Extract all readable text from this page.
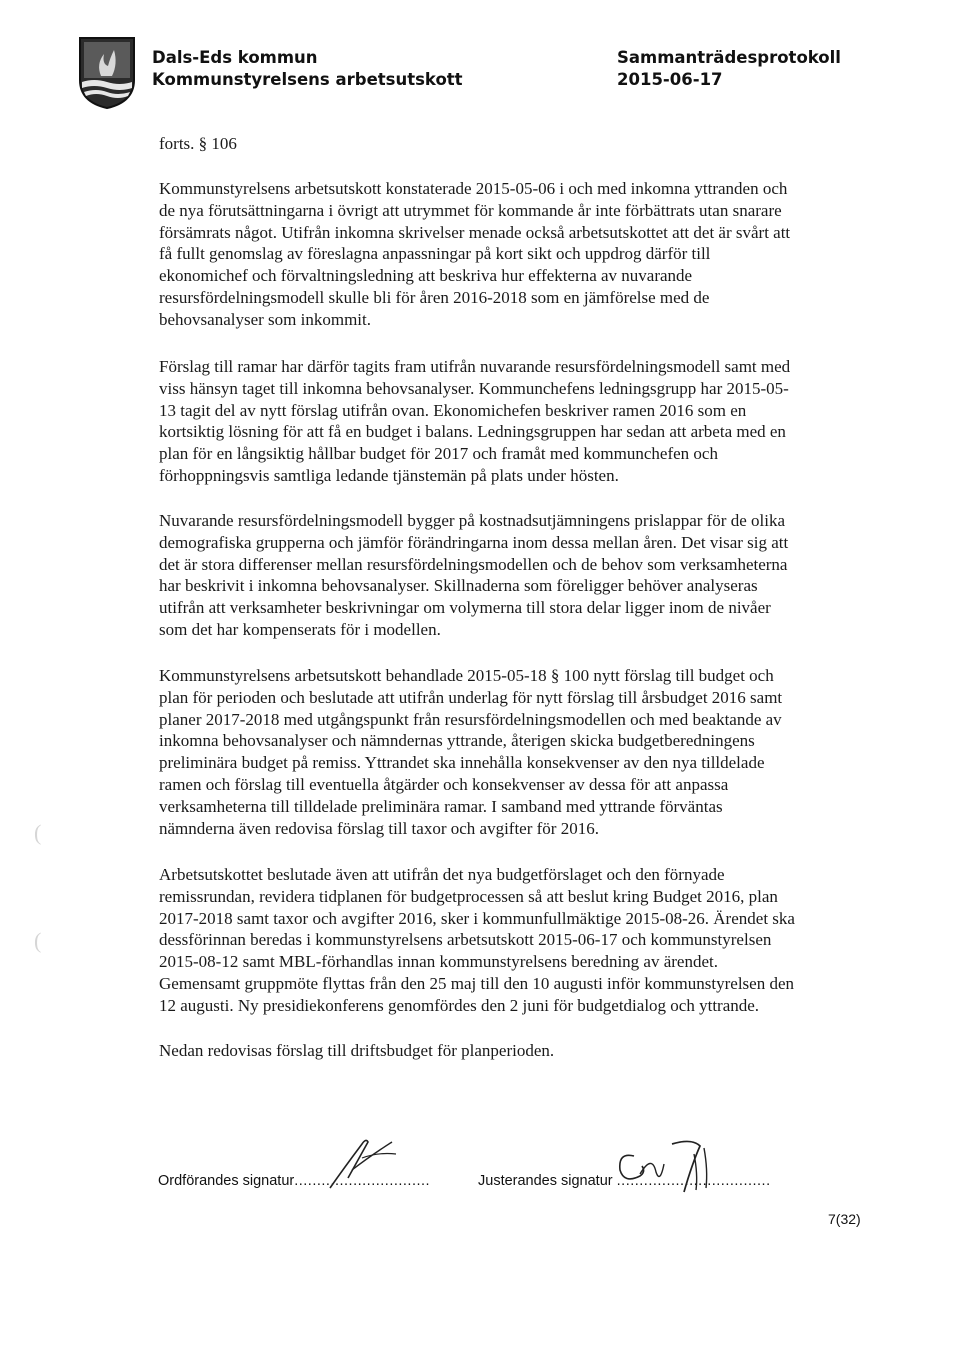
Dals-Eds kommun
Kommunstyrelsens arbetsutskott
Sammanträdesprotokoll
2015-06-17
(
(
forts. § 106
Kommunstyrelsens arbetsutskott konstaterade 2015-05-06 i och med inkomna yttranden och
de nya förutsättningarna i övrigt att utrymmet för kommande år inte förbättrats utan snarare
försämrats något. Utifrån inkomna skrivelser menade också arbetsutskottet att det är svårt att
få fullt genomslag av föreslagna anpassningar på kort sikt och uppdrog därför till
ekonomichef och förvaltningsledning att beskriva hur effekterna av nuvarande
resursfördelningsmodell skulle bli för åren 2016-2018 som en jämförelse med de
behovsanalyser som inkommit.
Förslag till ramar har därför tagits fram utifrån nuvarande resursfördelningsmodell samt med
viss hänsyn taget till inkomna behovsanalyser. Kommunchefens ledningsgrupp har 2015-05-
13 tagit del av nytt förslag utifrån ovan. Ekonomichefen beskriver ramen 2016 som en
kortsiktig lösning för att få en budget i balans. Ledningsgruppen har sedan att arbeta med en
plan för en långsiktig hållbar budget för 2017 och framåt med kommunchefen och
förhoppningsvis samtliga ledande tjänstemän på plats under hösten.
Nuvarande resursfördelningsmodell bygger på kostnadsutjämningens prislappar för de olika
demografiska grupperna och jämför förändringarna inom dessa mellan åren. Det visar sig att
det är stora differenser mellan resursfördelningsmodellen och de behov som verksamheterna
har beskrivit i inkomna behovsanalyser. Skillnaderna som föreligger behöver analyseras
utifrån att verksamheter beskrivningar om volymerna till stora delar ligger inom de nivåer
som det har kompenserats för i modellen.
Kommunstyrelsens arbetsutskott behandlade 2015-05-18 § 100 nytt förslag till budget och
plan för perioden och beslutade att utifrån underlag för nytt förslag till årsbudget 2016 samt
planer 2017-2018 med utgångspunkt från resursfördelningsmodellen och med beaktande av
inkomna behovsanalyser och nämndernas yttrande, återigen skicka budgetberedningens
preliminära budget på remiss. Yttrandet ska innehålla konsekvenser av den nya tilldelade
ramen och förslag till eventuella åtgärder och konsekvenser av dessa för att anpassa
verksamheterna till tilldelade preliminära ramar. I samband med yttrande förväntas
nämnderna även redovisa förslag till taxor och avgifter för 2016.
Arbetsutskottet beslutade även att utifrån det nya budgetförslaget och den förnyade
remissrundan, revidera tidplanen för budgetprocessen så att beslut kring Budget 2016, plan
2017-2018 samt taxor och avgifter 2016, sker i kommunfullmäktige 2015-08-26. Ärendet ska
dessförinnan beredas i kommunstyrelsens arbetsutskott 2015-06-17 och kommunstyrelsen
2015-08-12 samt MBL-förhandlas innan kommunstyrelsens beredning av ärendet.
Gemensamt gruppmöte flyttas från den 25 maj till den 10 augusti inför kommunstyrelsen den
12 augusti. Ny presidiekonferens genomfördes den 2 juni för budgetdialog och yttrande.
Nedan redovisas förslag till driftsbudget för planperioden.
Ordförandes signatur..............................	Justerandes signatur ..................................
7(32)
